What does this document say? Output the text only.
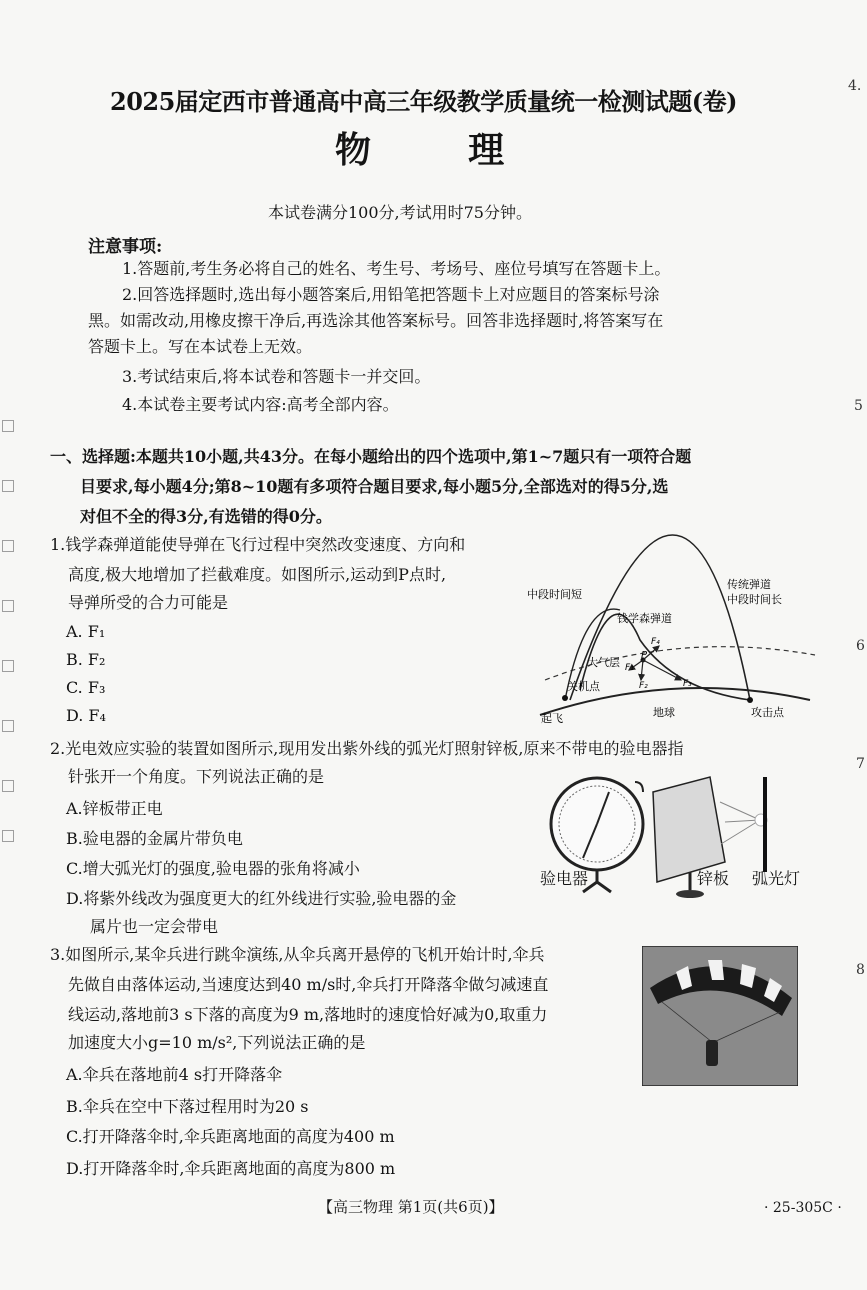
2025届定西市普通高中高三年级教学质量统一检测试题(卷)
物	理
本试卷满分100分,考试用时75分钟。
注意事项:
1.答题前,考生务必将自己的姓名、考生号、考场号、座位号填写在答题卡上。
2.回答选择题时,选出每小题答案后,用铅笔把答题卡上对应题目的答案标号涂
黑。如需改动,用橡皮擦干净后,再选涂其他答案标号。回答非选择题时,将答案写在
答题卡上。写在本试卷上无效。
3.考试结束后,将本试卷和答题卡一并交回。
4.本试卷主要考试内容:高考全部内容。
一、选择题:本题共10小题,共43分。在每小题给出的四个选项中,第1~7题只有一项符合题
目要求,每小题4分;第8~10题有多项符合题目要求,每小题5分,全部选对的得5分,选
对但不全的得3分,有选错的得0分。
1.钱学森弹道能使导弹在飞行过程中突然改变速度、方向和
高度,极大地增加了拦截难度。如图所示,运动到P点时,
导弹所受的合力可能是
A. F₁
B. F₂
C. F₃
D. F₄
中段时间短
传统弹道
中段时间长
钱学森弹道
大气层
关机点
起飞	地球	攻击点
P
F₄
F₁
F₂	F₃
2.光电效应实验的装置如图所示,现用发出紫外线的弧光灯照射锌板,原来不带电的验电器指
针张开一个角度。下列说法正确的是
A.锌板带正电
B.验电器的金属片带负电
C.增大弧光灯的强度,验电器的张角将减小
D.将紫外线改为强度更大的红外线进行实验,验电器的金
属片也一定会带电
验电器	锌板 弧光灯
3.如图所示,某伞兵进行跳伞演练,从伞兵离开悬停的飞机开始计时,伞兵
先做自由落体运动,当速度达到40 m/s时,伞兵打开降落伞做匀减速直
线运动,落地前3 s下落的高度为9 m,落地时的速度恰好减为0,取重力
加速度大小g=10 m/s²,下列说法正确的是
A.伞兵在落地前4 s打开降落伞
B.伞兵在空中下落过程用时为20 s
C.打开降落伞时,伞兵距离地面的高度为400 m
D.打开降落伞时,伞兵距离地面的高度为800 m
【高三物理 第1页(共6页)】	· 25-305C ·
4.
5
6
7
8
